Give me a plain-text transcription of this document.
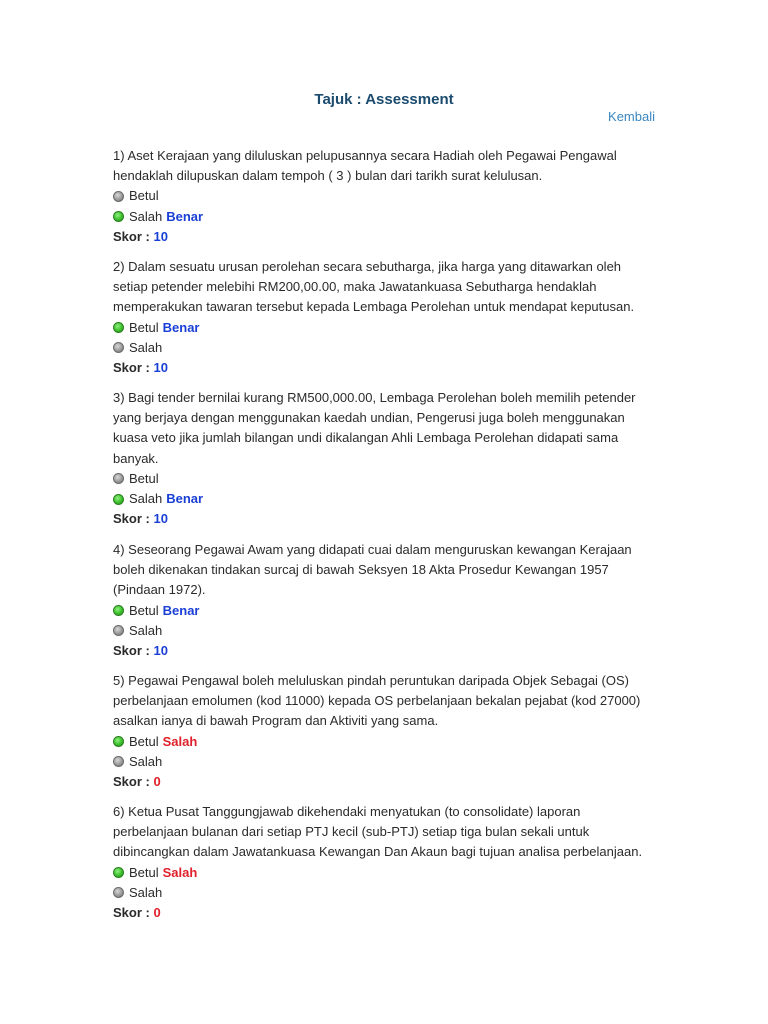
Tajuk : Assessment
Kembali

1) Aset Kerajaan yang diluluskan pelupusannya secara Hadiah oleh Pegawai Pengawal hendaklah dilupuskan dalam tempoh ( 3 ) bulan dari tarikh surat kelulusan.

Betul
Salah Benar
Skor : 10

2) Dalam sesuatu urusan perolehan secara sebutharga, jika harga yang ditawarkan oleh setiap petender melebihi RM200,00.00, maka Jawatankuasa Sebutharga hendaklah memperakukan tawaran tersebut kepada Lembaga Perolehan untuk mendapat keputusan.

Betul Benar
Salah
Skor : 10

3) Bagi tender bernilai kurang RM500,000.00, Lembaga Perolehan boleh memilih petender yang berjaya dengan menggunakan kaedah undian, Pengerusi juga boleh menggunakan kuasa veto jika jumlah bilangan undi dikalangan Ahli Lembaga Perolehan didapati sama banyak.

Betul
Salah Benar
Skor : 10

4) Seseorang Pegawai Awam yang didapati cuai dalam menguruskan kewangan Kerajaan boleh dikenakan tindakan surcaj di bawah Seksyen 18 Akta Prosedur Kewangan 1957 (Pindaan 1972).

Betul Benar
Salah
Skor : 10

5) Pegawai Pengawal boleh meluluskan pindah peruntukan daripada Objek Sebagai (OS) perbelanjaan emolumen (kod 11000) kepada OS perbelanjaan bekalan pejabat (kod 27000) asalkan ianya di bawah Program dan Aktiviti yang sama.

Betul Salah
Salah
Skor : 0

6) Ketua Pusat Tanggungjawab dikehendaki menyatukan (to consolidate) laporan perbelanjaan bulanan dari setiap PTJ kecil (sub-PTJ) setiap tiga bulan sekali untuk dibincangkan dalam Jawatankuasa Kewangan Dan Akaun bagi tujuan analisa perbelanjaan.

Betul Salah
Salah
Skor : 0
